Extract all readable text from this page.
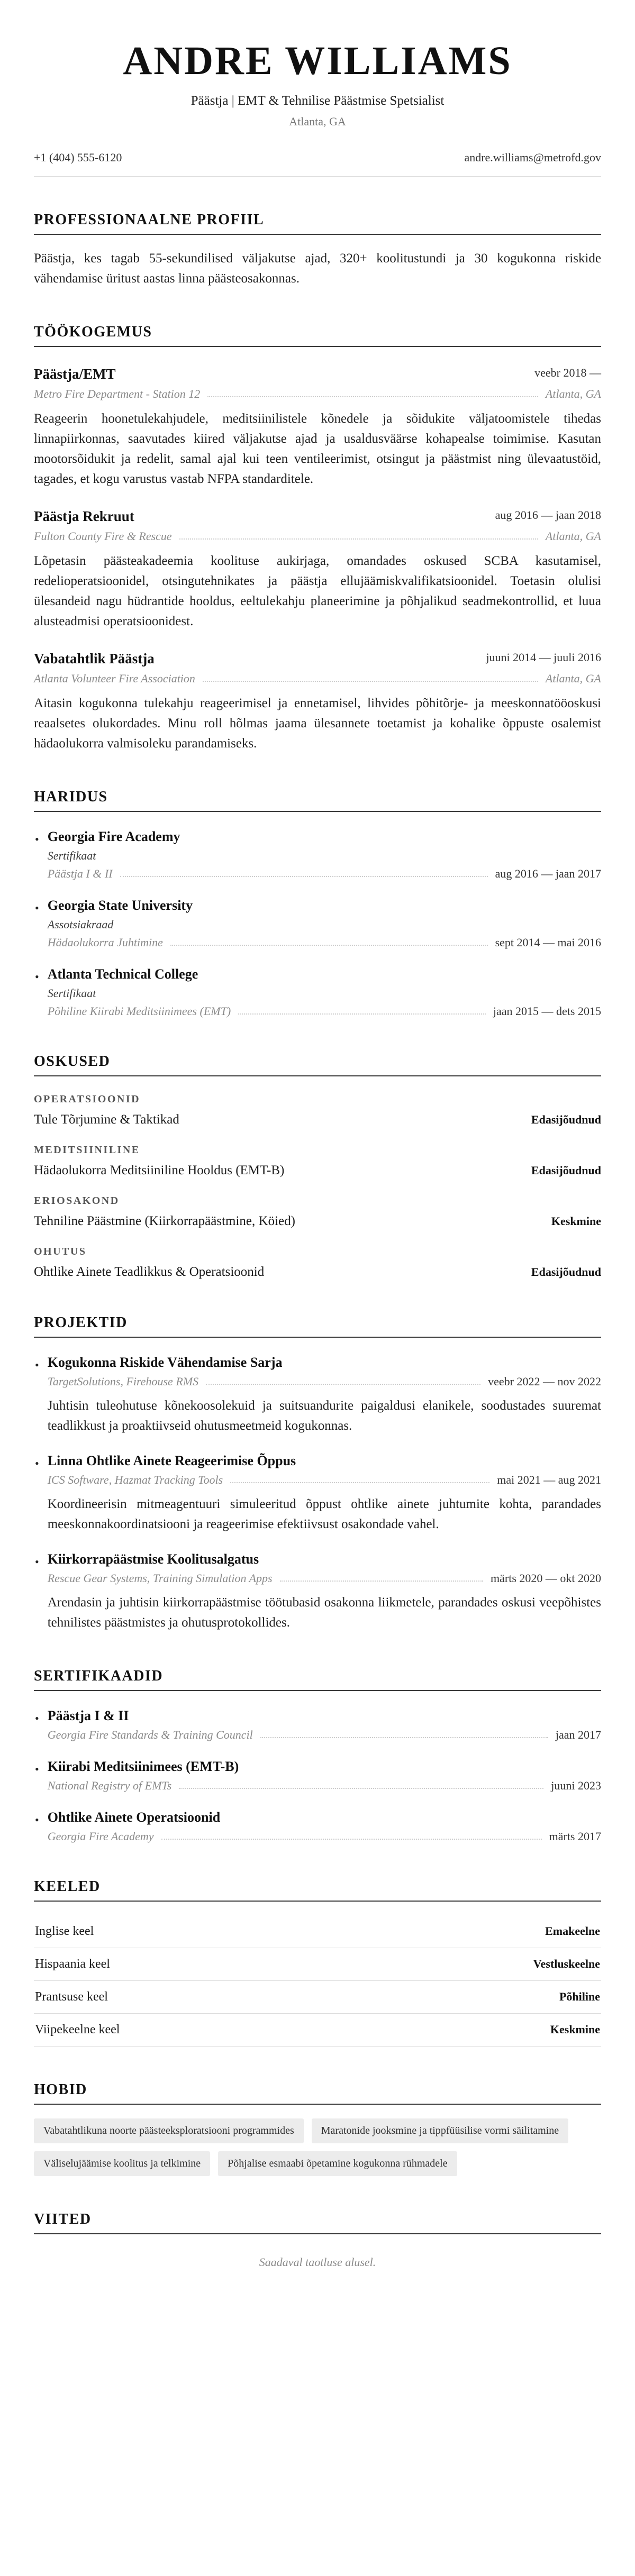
ANDRE WILLIAMS
Päästja | EMT & Tehnilise Päästmise Spetsialist
Atlanta, GA
+1 (404) 555-6120	andre.williams@metrofd.gov
PROFESSIONAALNE PROFIIL

Päästja, kes tagab 55-sekundilised väljakutse ajad, 320+ koolitustundi ja 30 kogukonna riskide vähendamise üritust aastas linna päästeosakonnas.

TÖÖKOGEMUS
Päästja/EMT	veebr 2018 —
Metro Fire Department - Station 12	Atlanta, GA

Reageerin hoonetulekahjudele, meditsiinilistele kõnedele ja sõidukite väljatoomistele tihedas linnapiirkonnas, saavutades kiired väljakutse ajad ja usaldusväärse kohapealse toimimise. Kasutan mootorsõidukit ja redelit, samal ajal kui teen ventileerimist, otsingut ja päästmist ning ülevaatustöid, tagades, et kogu varustus vastab NFPA standarditele.

Päästja Rekruut	aug 2016 — jaan 2018
Fulton County Fire & Rescue	Atlanta, GA

Lõpetasin päästeakadeemia koolituse aukirjaga, omandades oskused SCBA kasutamisel, redelioperatsioonidel, otsingutehnikates ja päästja ellujäämiskvalifikatsioonidel. Toetasin olulisi ülesandeid nagu hüdrantide hooldus, eeltulekahju planeerimine ja põhjalikud seadmekontrollid, et luua alusteadmisi operatsioonidest.

Vabatahtlik Päästja	juuni 2014 — juuli 2016
Atlanta Volunteer Fire Association	Atlanta, GA

Aitasin kogukonna tulekahju reageerimisel ja ennetamisel, lihvides põhitõrje- ja meeskonnatööoskusi reaalsetes olukordades. Minu roll hõlmas jaama ülesannete toetamist ja kohalike õppuste osalemist hädaolukorra valmisoleku parandamiseks.

HARIDUS
• Georgia Fire Academy
Sertifikaat
Päästja I & II	aug 2016 — jaan 2017
• Georgia State University
Assotsiakraad
Hädaolukorra Juhtimine	sept 2014 — mai 2016
• Atlanta Technical College
Sertifikaat
Põhiline Kiirabi Meditsiinimees (EMT)	jaan 2015 — dets 2015
OSKUSED
OPERATSIOONID
Tule Tõrjumine & Taktikad	Edasijõudnud
MEDITSIINILINE
Hädaolukorra Meditsiiniline Hooldus (EMT-B)	Edasijõudnud
ERIOSAKOND
Tehniline Päästmine (Kiirkorrapäästmine, Köied)	Keskmine
OHUTUS
Ohtlike Ainete Teadlikkus & Operatsioonid	Edasijõudnud
PROJEKTID
• Kogukonna Riskide Vähendamise Sarja
TargetSolutions, Firehouse RMS	veebr 2022 — nov 2022

Juhtisin tuleohutuse kõnekoosolekuid ja suitsuandurite paigaldusi elanikele, soodustades suuremat teadlikkust ja proaktiivseid ohutusmeetmeid kogukonnas.

• Linna Ohtlike Ainete Reageerimise Õppus
ICS Software, Hazmat Tracking Tools	mai 2021 — aug 2021

Koordineerisin mitmeagentuuri simuleeritud õppust ohtlike ainete juhtumite kohta, parandades meeskonnakoordinatsiooni ja reageerimise efektiivsust osakondade vahel.

• Kiirkorrapäästmise Koolitusalgatus
Rescue Gear Systems, Training Simulation Apps	märts 2020 — okt 2020

Arendasin ja juhtisin kiirkorrapäästmise töötubasid osakonna liikmetele, parandades oskusi veepõhistes tehnilistes päästmistes ja ohutusprotokollides.

SERTIFIKAADID
• Päästja I & II
Georgia Fire Standards & Training Council	jaan 2017
• Kiirabi Meditsiinimees (EMT-B)
National Registry of EMTs	juuni 2023
• Ohtlike Ainete Operatsioonid
Georgia Fire Academy	märts 2017
KEELED
Inglise keel	Emakeelne
Hispaania keel	Vestluskeelne
Prantsuse keel	Põhiline
Viipekeelne keel	Keskmine
HOBID
Vabatahtlikuna noorte päästeeksploratsiooni programmides	Maratonide jooksmine ja tippfüüsilise vormi säilitamine
Väliselujäämise koolitus ja telkimine	Põhjalise esmaabi õpetamine kogukonna rühmadele
VIITED
Saadaval taotluse alusel.
